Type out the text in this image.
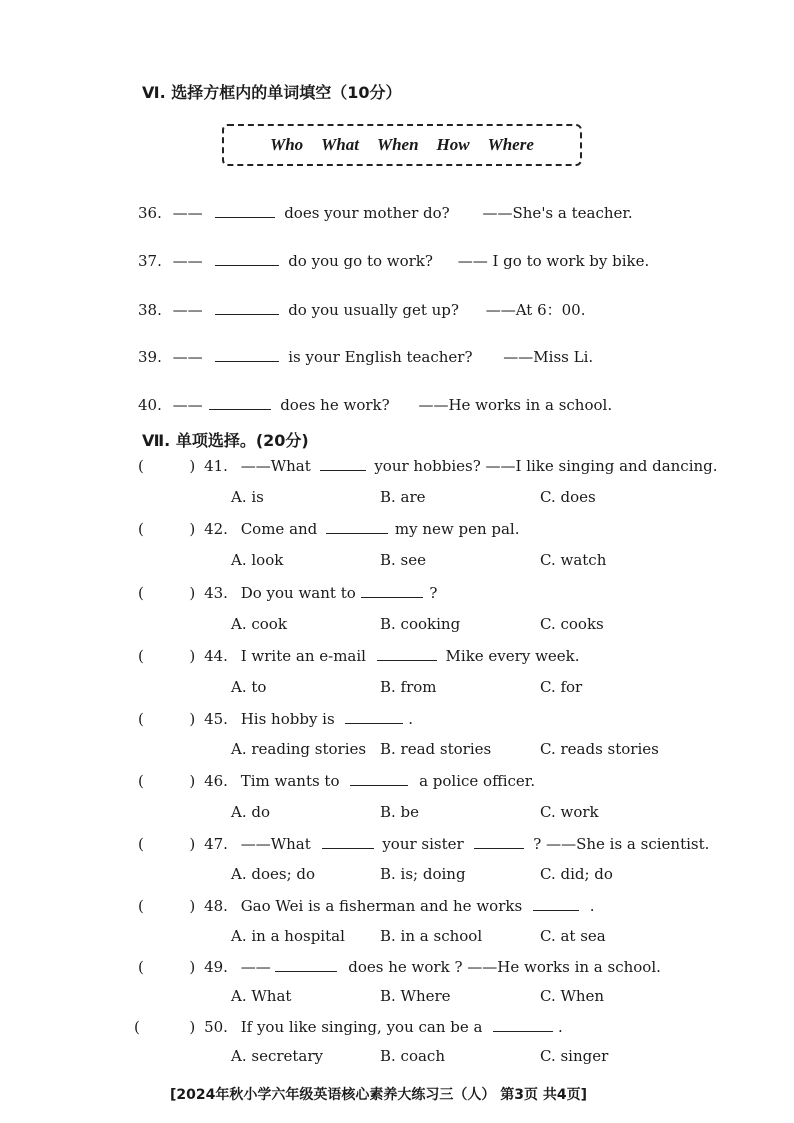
Ⅵ. 选择方框内的单词填空（10分）
Who What When How Where
36. ——	does your mother do? ——She's a teacher.
37. ——	do you go to work? —— I go to work by bike.
38. ——	do you usually get up? ——At 6：00.
39. ——	is your English teacher? ——Miss Li.
40. ——	does he work? ——He works in a school.
Ⅶ. 单项选择。(20分)
(	) 41. ——What	your hobbies? ——I like singing and dancing.
A. is	B. are	C. does
(	) 42. Come and	my new pen pal.
A. look	B. see	C. watch
(	) 43. Do you want to	?
A. cook	B. cooking	C. cooks
(	) 44. I write an e-mail	Mike every week.
A. to	B. from	C. for
(	) 45. His hobby is	.
A. reading stories B. read stories	C. reads stories
(	) 46. Tim wants to	a police officer.
A. do	B. be	C. work
(	) 47. ——What	your sister	? ——She is a scientist.
A. does; do	B. is; doing	C. did; do
(	) 48. Gao Wei is a fisherman and he works	.
A. in a hospital B. in a school	C. at sea
(	) 49. ——	does he work ? ——He works in a school.
A. What	B. Where	C. When
(	) 50. If you like singing, you can be a	.
A. secretary	B. coach	C. singer
[2024年秋小学六年级英语核心素养大练习三（人） 第3页 共4页]
